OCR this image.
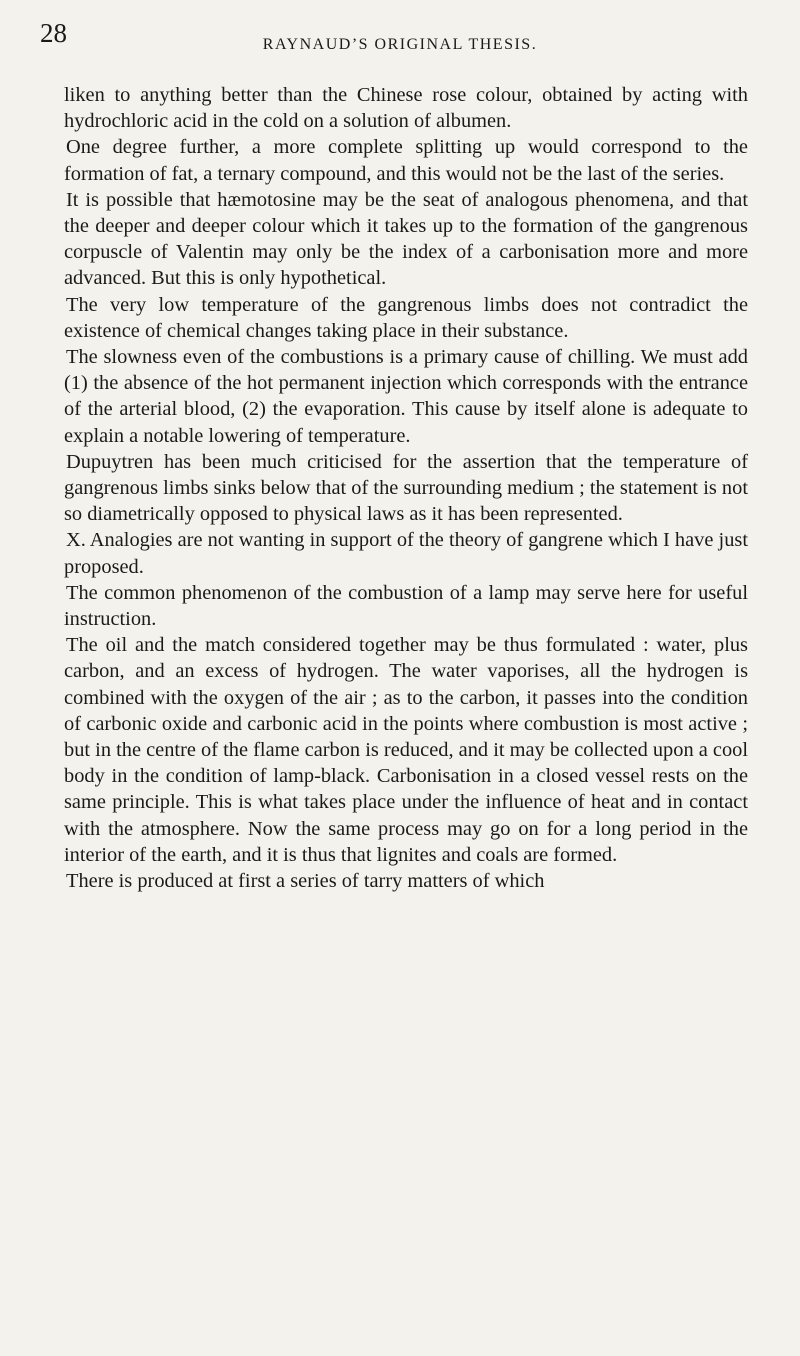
28	RAYNAUD’S ORIGINAL THESIS.

liken to anything better than the Chinese rose colour, obtained by acting with hydrochloric acid in the cold on a solution of albumen.

One degree further, a more complete splitting up would correspond to the formation of fat, a ternary compound, and this would not be the last of the series.

It is possible that hæmotosine may be the seat of analogous phenomena, and that the deeper and deeper colour which it takes up to the formation of the gangrenous corpuscle of Valentin may only be the index of a carbonisation more and more advanced. But this is only hypothetical.

The very low temperature of the gangrenous limbs does not contradict the existence of chemical changes taking place in their substance.

The slowness even of the combustions is a primary cause of chilling. We must add (1) the absence of the hot permanent injection which corresponds with the entrance of the arterial blood, (2) the evaporation. This cause by itself alone is adequate to explain a notable lowering of temperature.

Dupuytren has been much criticised for the assertion that the temperature of gangrenous limbs sinks below that of the surrounding medium ; the statement is not so diametrically opposed to physical laws as it has been represented.

X. Analogies are not wanting in support of the theory of gangrene which I have just proposed.

The common phenomenon of the combustion of a lamp may serve here for useful instruction.

The oil and the match considered together may be thus formulated : water, plus carbon, and an excess of hydrogen. The water vaporises, all the hydrogen is combined with the oxygen of the air ; as to the carbon, it passes into the condition of carbonic oxide and carbonic acid in the points where combustion is most active ; but in the centre of the flame carbon is reduced, and it may be collected upon a cool body in the condition of lamp-black. Carbonisation in a closed vessel rests on the same principle. This is what takes place under the influence of heat and in contact with the atmosphere. Now the same process may go on for a long period in the interior of the earth, and it is thus that lignites and coals are formed.

There is produced at first a series of tarry matters of which
